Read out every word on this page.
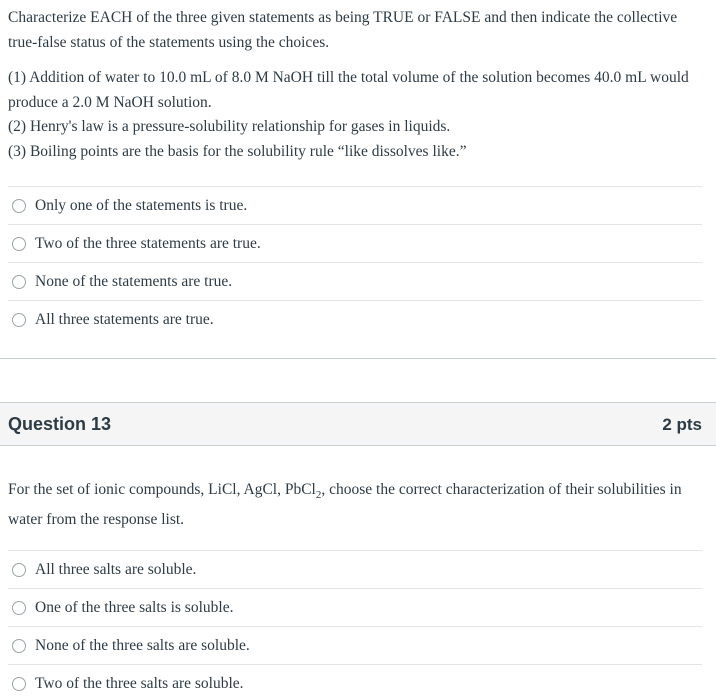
Characterize EACH of the three given statements as being TRUE or FALSE and then indicate the collective true-false status of the statements using the choices.

(1) Addition of water to 10.0 mL of 8.0 M NaOH till the total volume of the solution becomes 40.0 mL would produce a 2.0 M NaOH solution.

(2) Henry's law is a pressure-solubility relationship for gases in liquids.

(3) Boiling points are the basis for the solubility rule “like dissolves like.”

Only one of the statements is true.
Two of the three statements are true.
None of the statements are true.
All three statements are true.
Question 13	2 pts

For the set of ionic compounds, LiCl, AgCl, PbCl$_2$, choose the correct characterization of their solubilities in water from the response list.

All three salts are soluble.
One of the three salts is soluble.
None of the three salts are soluble.
Two of the three salts are soluble.
